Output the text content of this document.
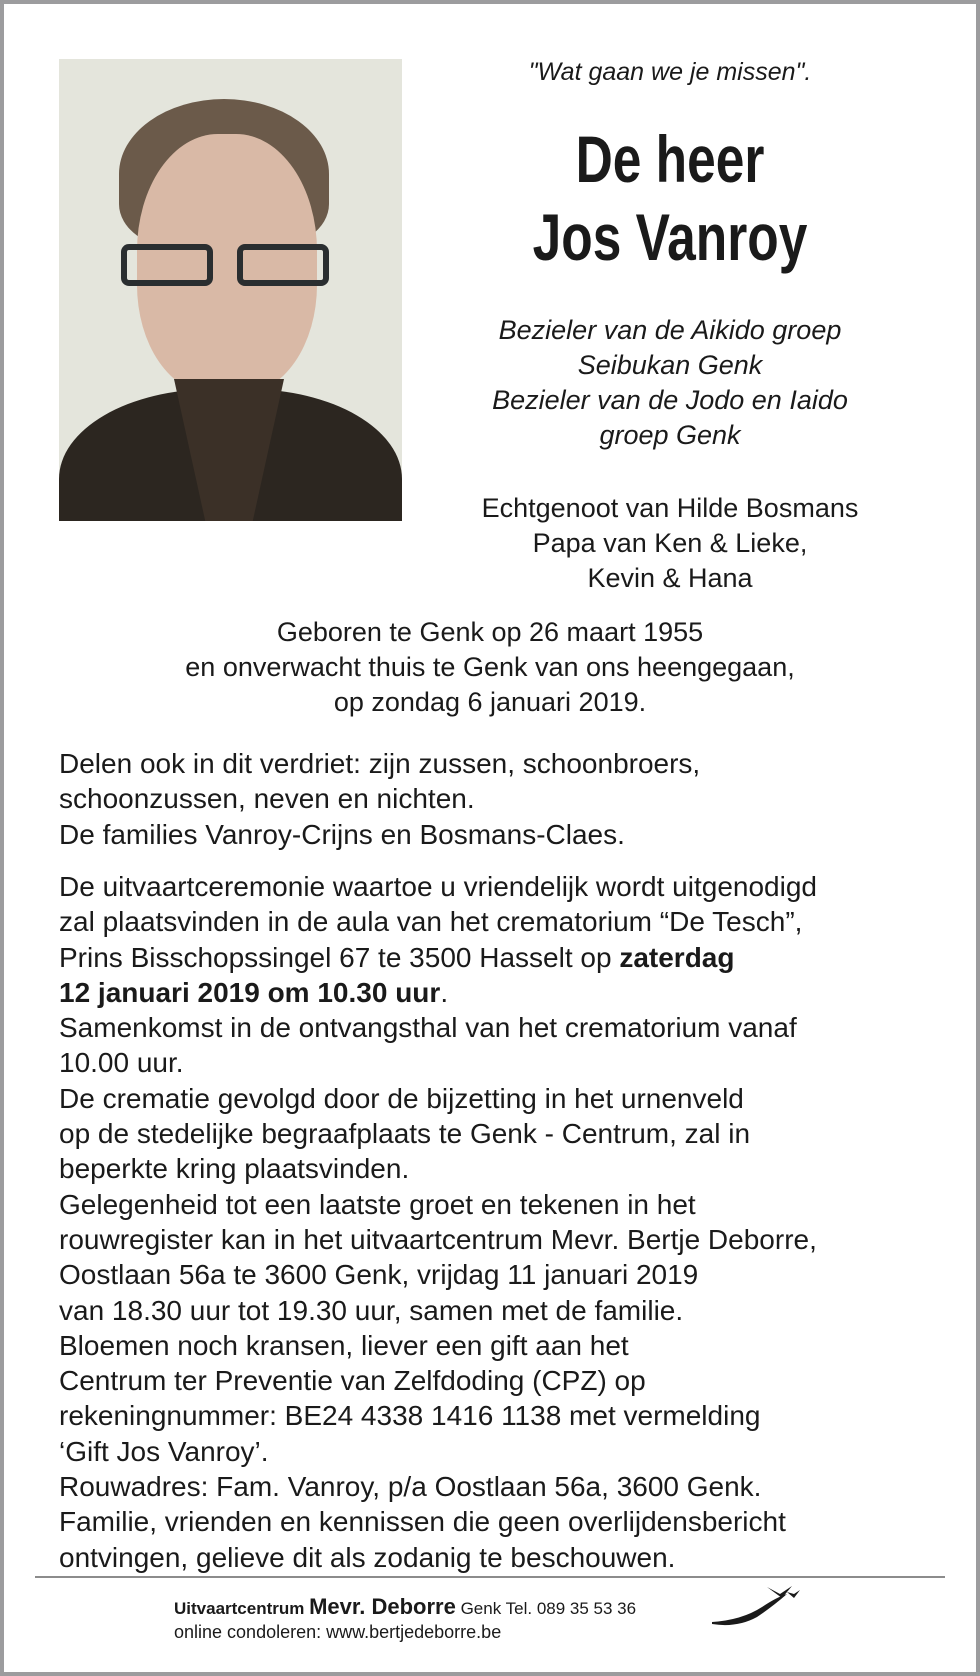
"Wat gaan we je missen".
De heer
Jos Vanroy
Bezieler van de Aikido groep
Seibukan Genk
Bezieler van de Jodo en Iaido
groep Genk
Echtgenoot van Hilde Bosmans
Papa van Ken & Lieke,
Kevin & Hana
Geboren te Genk op 26 maart 1955
en onverwacht thuis te Genk van ons heengegaan,
op zondag 6 januari 2019.
Delen ook in dit verdriet: zijn zussen, schoonbroers,
schoonzussen, neven en nichten.
De families Vanroy-Crijns en Bosmans-Claes.
De uitvaartceremonie waartoe u vriendelijk wordt uitgenodigd
zal plaatsvinden in de aula van het crematorium “De Tesch”,
Prins Bisschopssingel 67 te 3500 Hasselt op zaterdag
12 januari 2019 om 10.30 uur.
Samenkomst in de ontvangsthal van het crematorium vanaf
10.00 uur.
De crematie gevolgd door de bijzetting in het urnenveld
op de stedelijke begraafplaats te Genk - Centrum, zal in
beperkte kring plaatsvinden.
Gelegenheid tot een laatste groet en tekenen in het
rouwregister kan in het uitvaartcentrum Mevr. Bertje Deborre,
Oostlaan 56a te 3600 Genk, vrijdag 11 januari 2019
van 18.30 uur tot 19.30 uur, samen met de familie.
Bloemen noch kransen, liever een gift aan het
Centrum ter Preventie van Zelfdoding (CPZ) op
rekeningnummer: BE24 4338 1416 1138 met vermelding
‘Gift Jos Vanroy’.
Rouwadres: Fam. Vanroy, p/a Oostlaan 56a, 3600 Genk.
Familie, vrienden en kennissen die geen overlijdensbericht
ontvingen, gelieve dit als zodanig te beschouwen.
Uitvaartcentrum Mevr. Deborre Genk Tel. 089 35 53 36
online condoleren: www.bertjedeborre.be
